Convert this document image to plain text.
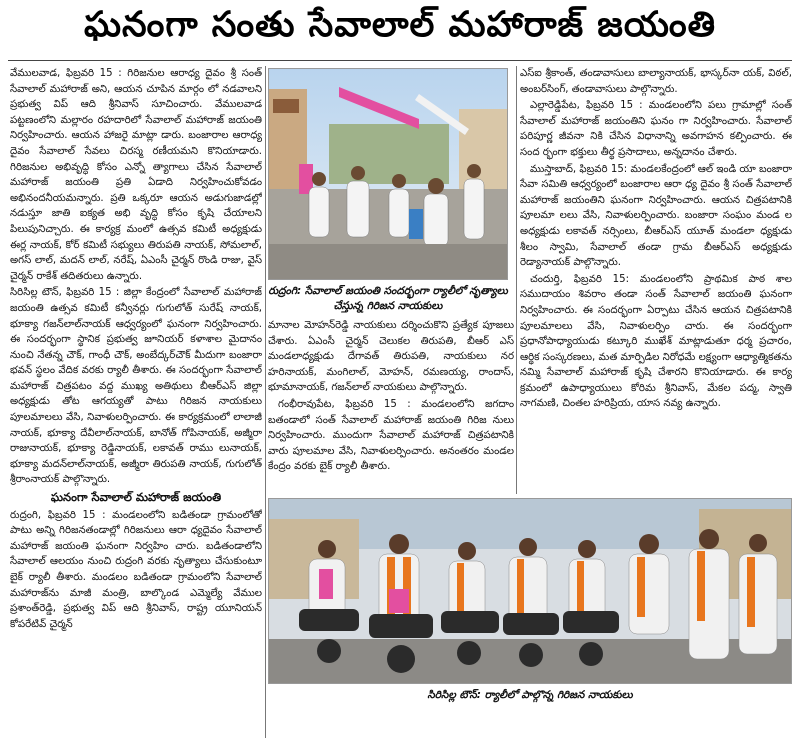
ఘనంగా సంతు సేవాలాల్ మహారాజ్ జయంతి

వేములవాడ, ఫిబ్రవరి 15 : గిరిజనుల ఆరాధ్య దైవం శ్రీ సంత్ సేవాలాల్ మహారాజ్ అని, ఆయన చూపిన మార్గం లో నడవాలని ప్రభుత్వ విప్ ఆది శ్రీనివాస్ సూచించారు. వేములవాడ పట్టణంలోని మల్లారం రహదారిలో సేవాలాల్ మహారాజ్ జయంతి నిర్వహించారు. ఆయన హాజరై మాట్లా డారు. బంజారాల ఆరాధ్య దైవం సేవాలాల్ సేవలు చిరస్మ రణీయమని కొనియాడారు. గిరిజనుల అభివృద్ధి కోసం ఎన్నో త్యాగాలు చేసిన సేవాలాల్ మహారాజ్ జయంతి ప్రతి ఏడాది నిర్వహించుకోవడం అభినందనీయమన్నారు. ప్రతి ఒక్కరూ ఆయన అడుగుజాడల్లో నడుస్తూ జాతి ఐక్యత అభి వృద్ధి కోసం కృషి చేయాలని పిలుపునిచ్చారు. ఈ కార్యక్ర మంలో ఉత్సవ కమిటీ అధ్యక్షుడు ఈర్ల నాయక్, కోర్ కమిటీ సభ్యులు తిరుపతి నాయక్, సోమలాల్, అగస్ లాల్, మదన్ లాల్, నరేష్, ఏఎంసీ చైర్మన్ రొండి రాజు, వైస్ చైర్మన్ రాకేశ్ తదితరులు ఉన్నారు.

సిరిసిల్ల టౌన్, ఫిబ్రవరి 15 : జిల్లా కేంద్రంలో సేవాలాల్ మహారాజ్ జయంతి ఉత్సవ కమిటీ కన్వీనర్లు గుగులోత్ సురేష్ నాయక్, భూక్యా గజన్‌లాల్‌నాయక్ ఆధ్వర్యంలో ఘనంగా నిర్వహించారు. ఈ సందర్భంగా స్థానిక ప్రభుత్వ జూనియర్ కళాశాల మైదానం నుంచి నేతన్న చౌక్, గాంధీ చౌక్, అంబేద్కర్‌చౌక్ మీదుగా బంజారా భవన్ స్థలం వేదిక వరకు ర్యాలీ తీశారు. ఈ సందర్భంగా సేవాలాల్ మహారాజ్ చిత్రపటం వద్ద ముఖ్య అతిథులు బీఆర్ఎస్ జిల్లా అధ్యక్షుడు తోట ఆగయ్యతో పాటు గిరిజన నాయకులు పూలమాలలు వేసి, నివాళులర్పించారు. ఈ కార్యక్రమంలో లాలాజీ నాయక్, భూక్యా దేవీలాల్‌నాయక్, బానోత్ గోపినాయక్, అజ్మీరా రాజునాయక్, భూక్యా రెడ్డినాయక్, లకావత్ రాము లునాయక్, భూక్యా మదన్‌లాల్‌నాయక్, అజ్మీరా తిరుపతి నాయక్, గుగులోత్ శ్రీరాంనాయక్ పాల్గొన్నారు.

ఘనంగా సేవాలాల్ మహారాజ్ జయంతి

రుద్రంగి, ఫిబ్రవరి 15 : మండలంలోని బడితండా గ్రామంలోతో పాటు అన్ని గిరిజనతండాల్లో గిరిజనులు ఆరా ధ్యదైవం సేవాలాల్ మహారాజ్ జయంతి ఘనంగా నిర్వహిం చారు. బడితండాలోని సేవాలాల్ ఆలయం నుంచి రుద్రంగి వరకు నృత్యాలు చేసుకుంటూ బైక్ ర్యాలీ తీశారు. మండలం బడితండా గ్రామంలోని సేవాలాల్ మహారాజ్‌ను మాజీ మంత్రి, బాల్కొండ ఎమ్మెల్యే వేముల ప్రశాంత్‌రెడ్డి, ప్రభుత్వ విప్ ఆది శ్రీనివాస్, రాష్ట్ర యూనియన్ కోపరేటివ్ చైర్మన్

రుద్రంగి: సేవాలాల్ జయంతి సందర్భంగా ర్యాలీలో నృత్యాలు చేస్తున్న గిరిజన నాయకులు

మానాల మోహన్‌రెడ్డి నాయకులు దర్శించుకొని ప్రత్యేక పూజలు చేశారు. ఏఎంసీ చైర్మన్ చెలుకల తిరుపతి, బీఆర్ ఎస్ మండలాధ్యక్షుడు దేగావత్ తిరుపతి, నాయకులు నర హరినాయక్, మంగిలాల్, మోహన్, రమణయ్య, రాందాస్, భూమానాయక్, గజన్‌లాల్ నాయకులు పాల్గొన్నారు.

గంభీరావుపేట, ఫిబ్రవరి 15 : మండలంలోని జగదాం బతండాలో సంత్ సేవాలాల్ మహారాజ్ జయంతి గిరిజ నులు నిర్వహించారు. ముందుగా సేవాలాల్ మహారాజ్ చిత్రపటానికి వారు పూలమాల వేసి, నివాళులర్పించారు. అనంతరం మండల కేంద్రం వరకు బైక్ ర్యాలీ తీశారు.

ఎస్‌ఐ శ్రీకాంత్, తండావాసులు బాల్యానాయక్, భాస్కర్‌నా యక్, విఠల్, అంబర్‌సింగ్, తండావాసులు పాల్గొన్నారు.

ఎల్లారెడ్డిపేట, ఫిబ్రవరి 15 : మండలంలోని పలు గ్రామాల్లో సంత్ సేవాలాల్ మహారాజ్ జయంతిని ఘనం గా నిర్వహించారు. సేవాలాల్ పరిపూర్ణ జీవనా నికి చేసిన విధానాన్ని అవగాహన కల్పించారు. ఈ సంద ర్భంగా భక్తులు తీర్థ ప్రసాదాలు, అన్నదానం చేశారు.

ముస్తాబాద్, ఫిబ్రవరి 15: మండలకేంద్రంలో ఆల్ ఇండి యా బంజారా సేవా సమితి ఆధ్వర్యంలో బంజారాల ఆరా ధ్య దైవం శ్రీ సంత్ సేవాలాల్ మహారాజ్ జయంతిని ఘనంగా నిర్వహించారు. ఆయన చిత్రపటానికి పూలమా లలు వేసి, నివాళులర్పించారు. బంజారా సంఘం మండ ల అధ్యక్షుడు లకావత్ నర్సింలు, బీఆర్ఎస్ యూత్ మండలా ధ్యక్షుడు శీలం స్వామి, సేవాలాల్ తండా గ్రామ బీఆర్ఎస్ అధ్యక్షుడు రెడ్యానాయక్ పాల్గొన్నారు.

చందుర్తి, ఫిబ్రవరి 15: మండలంలోని ప్రాథమిక పాఠ శాల సముదాయం శివరాం తండా సంత్ సేవాలాల్ జయంతి ఘనంగా నిర్వహించారు. ఈ సందర్భంగా ఏర్పాటు చేసిన ఆయన చిత్రపటానికి పూలమాలలు వేసి, నివాళులర్పిం చారు. ఈ సందర్భంగా ప్రధానోపాధ్యాయుడు కట్కూరి ముఖేశ్ మాట్లాడుతూ ధర్మ ప్రచారం, ఆర్థిక సంస్కరణలు, మత మార్పిడిల నిరోధమే లక్ష్యంగా ఆధ్యాత్మికతను నమ్మి సేవాలాల్ మహారాజ్ కృషి చేశారని కొనియాడారు. ఈ కార్య క్రమంలో ఉపాధ్యాయులు కోరిమ శ్రీనివాస్, మేకల పద్మ, స్వాతి నాగమణి, చింతల హరిప్రియ, యాస నవ్య ఉన్నారు.

సిరిసిల్ల టౌన్: ర్యాలీలో పాల్గొన్న గిరిజన నాయకులు
